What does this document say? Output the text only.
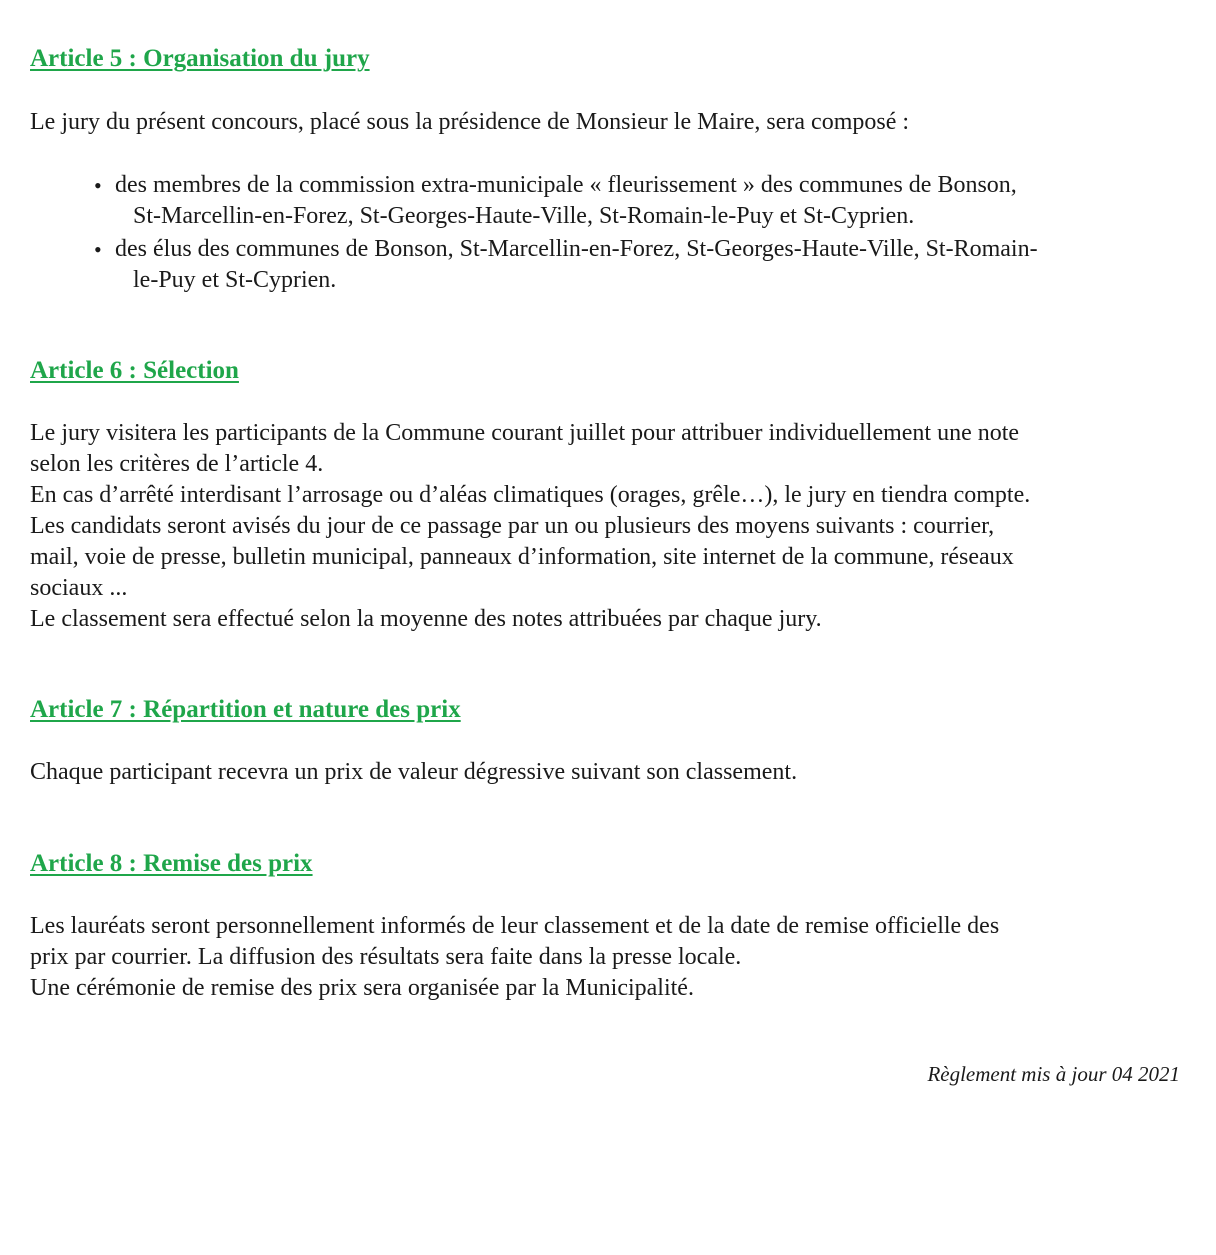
Article 5 : Organisation du jury
Le jury du présent concours, placé sous la présidence de Monsieur le Maire, sera composé :
• des membres de la commission extra-municipale « fleurissement » des communes de Bonson,
St-Marcellin-en-Forez, St-Georges-Haute-Ville, St-Romain-le-Puy et St-Cyprien.
• des élus des communes de Bonson, St-Marcellin-en-Forez, St-Georges-Haute-Ville, St-Romain-
le-Puy et St-Cyprien.
Article 6 : Sélection
Le jury visitera les participants de la Commune courant juillet pour attribuer individuellement une note
selon les critères de l’article 4.
En cas d’arrêté interdisant l’arrosage ou d’aléas climatiques (orages, grêle…), le jury en tiendra compte.
Les candidats seront avisés du jour de ce passage par un ou plusieurs des moyens suivants : courrier,
mail, voie de presse, bulletin municipal, panneaux d’information, site internet de la commune, réseaux
sociaux ...
Le classement sera effectué selon la moyenne des notes attribuées par chaque jury.
Article 7 : Répartition et nature des prix
Chaque participant recevra un prix de valeur dégressive suivant son classement.
Article 8 : Remise des prix
Les lauréats seront personnellement informés de leur classement et de la date de remise officielle des
prix par courrier. La diffusion des résultats sera faite dans la presse locale.
Une cérémonie de remise des prix sera organisée par la Municipalité.
Règlement mis à jour 04 2021
